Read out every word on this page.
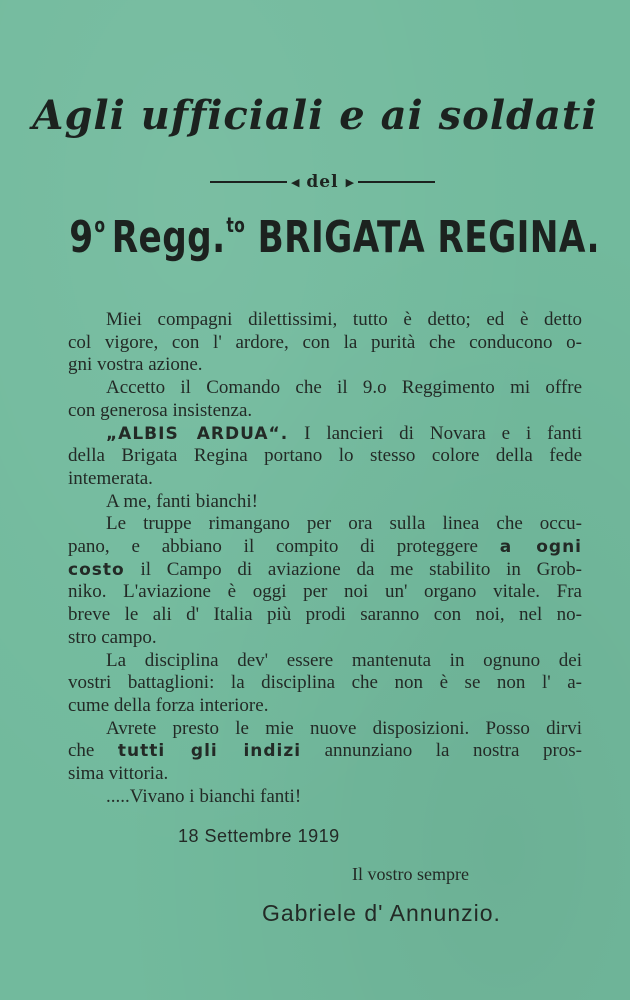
Agli ufficiali e ai soldati
◀ del ▶
9$^o$ Regg.$^{to}$ BRIGATA REGINA.

Miei compagni dilettissimi, tutto è detto; ed è detto
col vigore, con l' ardore, con la purità che conducono o-
gni vostra azione.

Accetto il Comando che il 9.o Reggimento mi offre
con generosa insistenza.

„ALBIS ARDUA“. I lancieri di Novara e i fanti
della Brigata Regina portano lo stesso colore della fede
intemerata.

A me, fanti bianchi!

Le truppe rimangano per ora sulla linea che occu-
pano, e abbiano il compito di proteggere a ogni
costo il Campo di aviazione da me stabilito in Grob-
niko. L'aviazione è oggi per noi un' organo vitale. Fra
breve le ali d' Italia più prodi saranno con noi, nel no-
stro campo.

La disciplina dev' essere mantenuta in ognuno dei
vostri battaglioni: la disciplina che non è se non l' a-
cume della forza interiore.

Avrete presto le mie nuove disposizioni. Posso dirvi
che tutti gli indizi annunziano la nostra pros-
sima vittoria.

.....Vivano i bianchi fanti!

18 Settembre 1919
Il vostro sempre
Gabriele d' Annunzio.
